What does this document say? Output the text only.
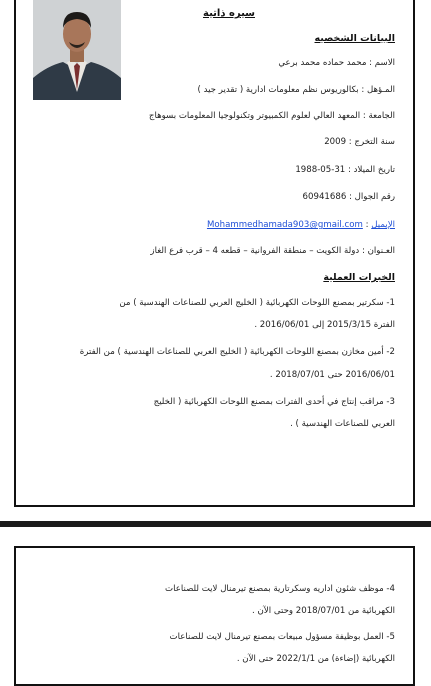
سيره ذاتية
البيانات الشخصيه
الاسم : محمد حماده محمد برعي
المـؤهل : بكالوريوس نظم معلومات ادارية ( تقدير جيد )
الجامعة : المعهد العالي لعلوم الكمبيوتر وتكنولوجيا المعلومات بسوهاج
سنة التخرج : 2009
تاريخ الميلاد : 31-05-1988
رقم الجوال : 60941686
الإيميل : Mohammedhamada903@gmail.com
العـنوان : دولة الكويت – منطقة الفروانية – قطعه 4 – قرب فرع الغاز
الخبرات العملية
1- سكرتير بمصنع اللوحات الكهربائية ( الخليج العربي للصناعات الهندسية ) من
الفترة 2015/3/15 إلى 2016/06/01 .
2- أمين مخازن بمصنع اللوحات الكهربائية ( الخليج العربي للصناعات الهندسية ) من الفترة
2016/06/01 حتى 2018/07/01 .
3- مراقب إنتاج في أحدى الفترات بمصنع اللوحات الكهربائية ( الخليج
العربي للصناعات الهندسية ) .
4- موظف شئون اداريه وسكرتارية بمصنع تيرمنال لايت للصناعات
الكهربائية من 2018/07/01 وحتى الآن .
5- العمل بوظيفة مسؤول مبيعات بمصنع تيرمنال لايت للصناعات
الكهربائية (إضاءة) من 2022/1/1 حتى الآن .
